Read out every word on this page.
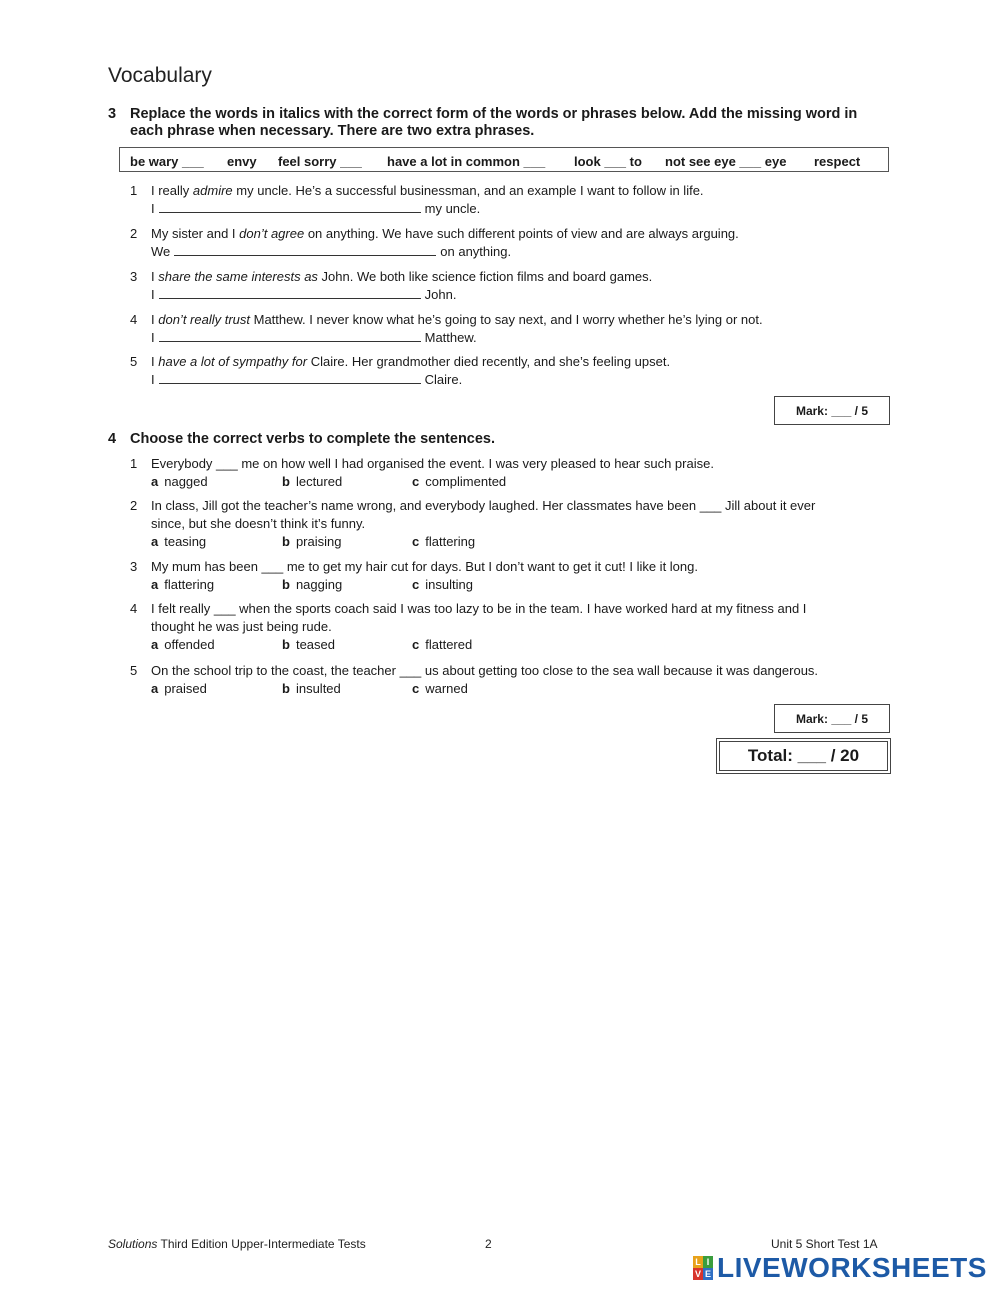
Vocabulary
3 Replace the words in italics with the correct form of the words or phrases below. Add the missing word in each phrase when necessary. There are two extra phrases.
be wary ___ envy feel sorry ___ have a lot in common ___ look ___ to not see eye ___ eye respect
1 I really admire my uncle. He’s a successful businessman, and an example I want to follow in life.
I	my uncle.
2 My sister and I don’t agree on anything. We have such different points of view and are always arguing.
We	on anything.
3 I share the same interests as John. We both like science fiction films and board games.
I	John.
4 I don’t really trust Matthew. I never know what he’s going to say next, and I worry whether he’s lying or not.
I	Matthew.
5 I have a lot of sympathy for Claire. Her grandmother died recently, and she’s feeling upset.
I	Claire.
Mark: ___ / 5
4 Choose the correct verbs to complete the sentences.
1 Everybody ___ me on how well I had organised the event. I was very pleased to hear such praise.
a nagged	b lectured	c complimented
2 In class, Jill got the teacher’s name wrong, and everybody laughed. Her classmates have been ___ Jill about it ever
since, but she doesn’t think it’s funny.
a teasing	b praising	c flattering
3 My mum has been ___ me to get my hair cut for days. But I don’t want to get it cut! I like it long.
a flattering	b nagging	c insulting
4 I felt really ___ when the sports coach said I was too lazy to be in the team. I have worked hard at my fitness and I
thought he was just being rude.
a offended	b teased	c flattered
5 On the school trip to the coast, the teacher ___ us about getting too close to the sea wall because it was dangerous.
a praised	b insulted	c warned
Mark: ___ / 5
Total: ___ / 20
Solutions Third Edition Upper-Intermediate Tests	2	Unit 5 Short Test 1A
L I
V E LIVEWORKSHEETS
